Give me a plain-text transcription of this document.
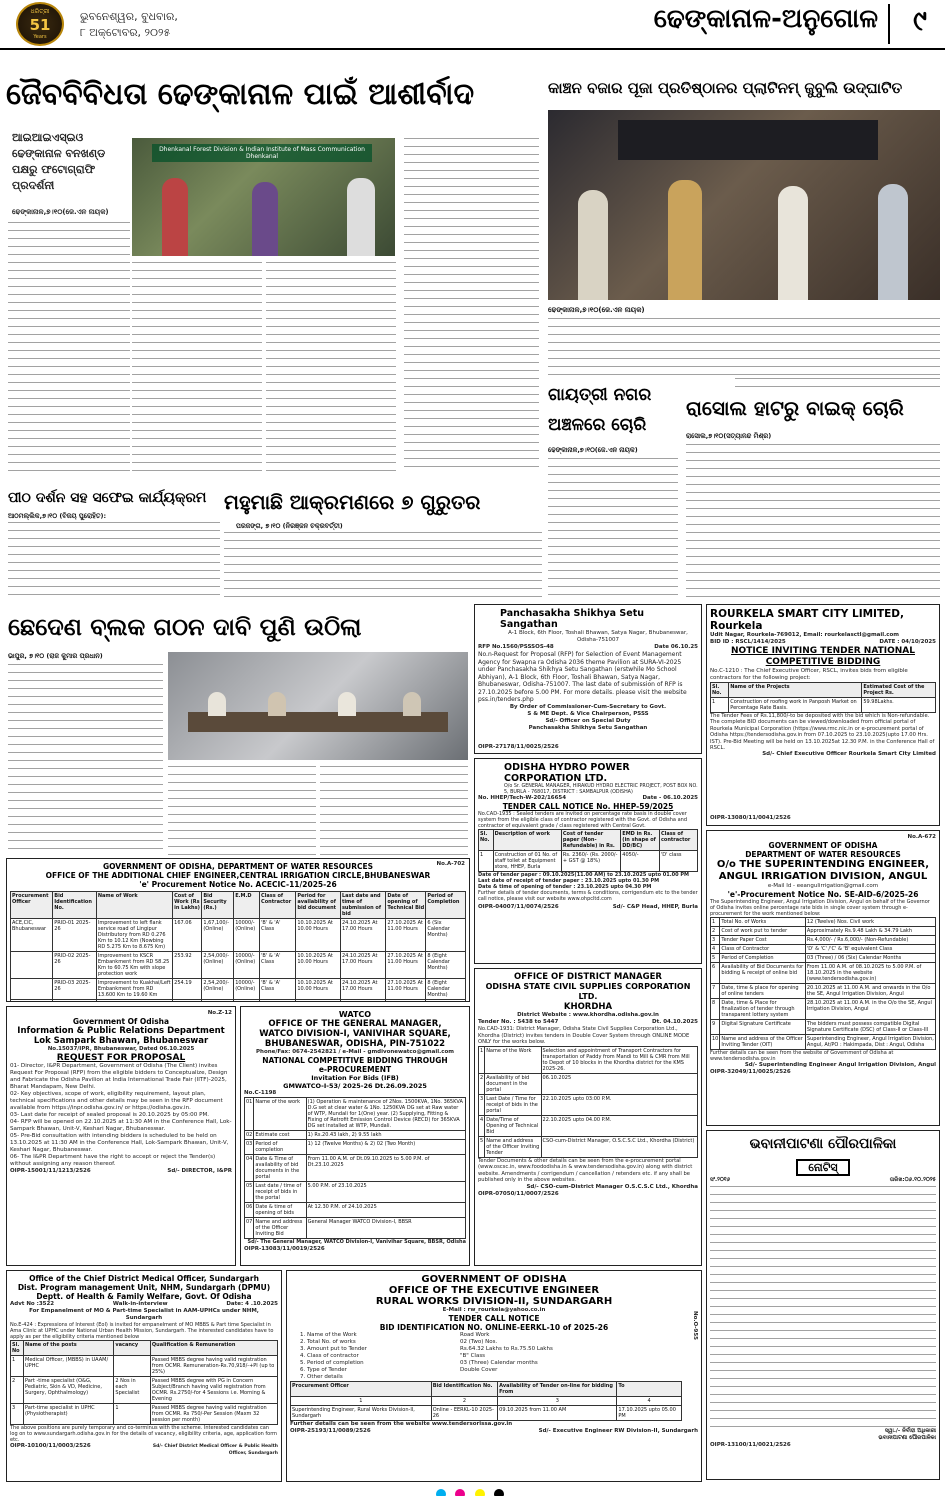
ଧରିତ୍ରୀ
51
Years
ଭୁବନେଶ୍ୱର, ବୁଧବାର,
୮ ଅକ୍ଟୋବର, ୨୦୨୫	ଢେଙ୍କାନାଳ-ଅନୁଗୋଳ	୯
ଜୈବବିବିଧତା ଢେଙ୍କାନାଳ ପାଇଁ ଆଶୀର୍ବାଦ
ଆଇଆଇଏସ୍‌ଇଓ ଢେଙ୍କାନାଳ ବନଖଣ୍ଡ ପକ୍ଷରୁ ଫଟୋଗ୍ରାଫି ପ୍ରଦର୍ଶନୀ
ଢେଙ୍କାନାଳ,୭।୧୦(ଜେ.ଏନ ନାୟକ)
Dhenkanal Forest Division & Indian Institute of Mass Communication Dhenkanal
କାଞ୍ଚନ ବଜାର ପୂଜା ପ୍ରତିଷ୍ଠାନର ପ୍ଲାଟିନମ୍ ଜୁବୁଲି ଉଦ୍‌ଘାଟିତ
ଢେଙ୍କାନାଳ,୭।୧୦(ଜେ.ଏନ ନାୟକ)
ଗାୟତ୍ରୀ ନଗର ଅଞ୍ଚଳରେ ଚୋରି
ଢେଙ୍କାନାଳ,୭।୧୦(ଜେ.ଏନ ନାୟକ)
ରାସୋଲ ହାଟରୁ ବାଇକ୍ ଚୋରି
ରାସୋଲ,୭।୧୦(ସତ୍ୟାନନ୍ଦ ମିଶ୍ର)
ପୀଠ ଦର୍ଶନ ସହ ସଫେଇ କାର୍ଯ୍ୟକ୍ରମ
ଆଠମଲ୍ଲିକ,୭।୧୦ (ବିଜୟ ପୁରୋହିତ):
ମହୁମାଛି ଆକ୍ରମଣରେ ୭ ଗୁରୁତର
ପରଜଙ୍ଗ, ୭।୧୦ (ନିରଞ୍ଜନ ଚକ୍ରବର୍ତ୍ତୀ)
ଛେଦେଣ ବ୍ଲକ ଗଠନ ଦାବି ପୁଣି ଉଠିଲା
ଭାପୁର, ୭।୧୦ (ରାଜ କୁମାର ପ୍ରଧାନ)
Panchasakha Shikhya Setu Sangathan
A-1 Block, 6th Floor, Toshali Bhawan, Satya Nagar, Bhubaneswar, Odisha-751007
RFP No.1560/PSSSOS-48	Date 06.10.25
No.n-Request for Proposal (RFP) for Selection of Event Management Agency for Swapna ra Odisha 2036 theme Pavilion at SURA-VI-2025 under Panchasakha Shikhya Setu Sangathan (erstwhile Mo School Abhiyan), A-1 Block, 6th Floor, Toshali Bhawan, Satya Nagar, Bhubaneswar, Odisha-751007. The last date of submission of RFP is 27.10.2025 before 5.00 PM. For more details. please visit the website pss.in/tenders.php
By Order of Commissioner-Cum-Secretary to Govt.
S & ME Dept. & Vice Chairperson, PSSS
Sd/- Officer on Special Duty
Panchasakha Shikhya Setu Sangathan
OIPR-27178/11/0025/2526
ROURKELA SMART CITY LIMITED, Rourkela
Udit Nagar, Rourkela-769012, Email: rourkelasctl@gmail.com
BID ID : RSCL/1414/2025	DATE : 04/10/2025
NOTICE INVITING TENDER NATIONAL COMPETITIVE BIDDING
No.C-1210 : The Chief Executive Officer, RSCL, invites bids from eligible contractors for the following project:
Sl. No.	Name of the Projects	Estimated Cost of the Project Rs.
1	Construction of roofing work in Panposh Market on Percentage Rate Basis.	59.98Lakhs.
The Tender Fees of Rs.11,800/-to be deposited with the bid which is Non-refundable. The complete BID documents can be viewed/downloaded from official portal of Rourkela Municipal Corporation (https://www.rmc.nic.in or e-procurement portal of Odisha https://tendersodisha.gov.in from 07.10.2025 to 23.10.2025(upto 17.00 Hrs. IST). Pre-Bid Meeting will be held on 13.10.2025at 12.30 P.M. in the Conference Hall of RSCL.
Sd/- Chief Executive Officer Rourkela Smart City Limited
OIPR-13080/11/0041/2526
ODISHA HYDRO POWER CORPORATION LTD.
O/o Sr. GENERAL MANAGER, HIRAKUD HYDRO ELECTRIC PROJECT, POST BOX NO. 5, BURLA - 768017, DISTRICT : SAMBALPUR (ODISHA)
No. HHEP/Tech-W-202/16654	Date - 06.10.2025
TENDER CALL NOTICE No. HHEP-59/2025
No.CAD-1935 : Sealed tenders are invited on percentage rate basis in double cover system from the eligible class of contractor registered with the Govt. of Odisha and contractor of equivalent grade / class registered with Central Govt.
Sl. No.	Description of work	Cost of tender paper (Non-Refundable) in Rs.	EMD in Rs. (in shape of DD/BC)	Class of contractor
1	Construction of 01 No. of staff toilet at Equipment store, HHEP, Burla	Rs. 2360/- (Rs. 2000/- + GST @ 18%)	4050/-	'D' class
Date of tender paper : 09.10.2025(11.00 AM) to 23.10.2025 upto 01.00 PM
Last date of receipt of tender paper : 23.10.2025 upto 01.30 PM
Date & time of opening of tender : 23.10.2025 upto 04.30 PM
Further details of tender documents, terms & conditions, corrigendum etc to the tender call notice, please visit our website www.ohpcltd.com
OIPR-04007/11/0074/2526	Sd/- C&P Head, HHEP, Burla
No.A-702
GOVERNMENT OF ODISHA, DEPARTMENT OF WATER RESOURCES
OFFICE OF THE ADDITIONAL CHIEF ENGINEER,CENTRAL IRRIGATION CIRCLE,BHUBANESWAR
'e' Procurement Notice No. ACECIC-11/2025-26
Procurement Officer	Bid Identification No.	Name of Work	Cost of Work (Rs in Lakhs)	Bid Security (Rs.)	E.M.D	Class of Contractor	Period for availability of bid document	Last date and time of submission of bid	Date of opening of Technical Bid	Period of Completion
ACE,CIC, Bhubaneswar	PRID-01 2025-26	Improvement to left flank service road of Lingipur Distributory from RD 0.276 Km to 10.12 Km (Nowbing RD 5.275 Km to 8.675 Km)	167.06	1,67,100/- (Online)	10000/- (Online)	'B' & 'A' Class	10.10.2025 At 10.00 Hours	24.10.2025 At 17.00 Hours	27.10.2025 At 11.00 Hours	6 (Six Calendar Months)
	PRID-02 2025-26	Improvement to KSCR Embankment from RD 58.25 Km to 60.75 Km with slope protection work	253.92	2,54,000/- (Online)	10000/- (Online)	'B' & 'A' Class	10.10.2025 At 10.00 Hours	24.10.2025 At 17.00 Hours	27.10.2025 At 11.00 Hours	8 (Eight Calendar Months)
	PRID-03 2025-26	Improvement to Kuakhai/Left Embankment from RD 13.600 Km to 19.60 Km	254.19	2,54,200/- (Online)	10000/- (Online)	'B' & 'A' Class	10.10.2025 At 10.00 Hours	24.10.2025 At 17.00 Hours	27.10.2025 At 11.00 Hours	8 (Eight Calendar Months)

No.A-672
GOVERNMENT OF ODISHA
DEPARTMENT OF WATER RESOURCES
O/o THE SUPERINTENDING ENGINEER, ANGUL IRRIGATION DIVISION, ANGUL
e-Mail Id - eeangulirrigation@gmail.com
'e'-Procurement Notice No. SE-AID-6/2025-26
The Superintending Engineer, Angul Irrigation Division, Angul on behalf of the Governor of Odisha invites online percentage rate bids in single cover system through e-procurement for the work mentioned below:
1	Total No. of Works	12 (Twelve) Nos. Civil work
2	Cost of work put to tender	Approximately Rs.9.48 Lakh & 34.79 Lakh
3	Tender Paper Cost	Rs.4,000/- / Rs.6,000/- (Non-Refundable)
4	Class of Contractor	'D' & 'C' /'C' & 'B' equivalent Class
5	Period of Completion	03 (Three) / 06 (Six) Calendar Months
6	Availability of Bid Documents for bidding & receipt of online bid	From 11.00 A.M. of 08.10.2025 to 5.00 P.M. of 18.10.2025 in the website (www.tendersodisha.gov.in)
7	Date, time & place for opening of online tenders	20.10.2025 at 11.00 A.M. and onwards in the O/o the SE, Angul Irrigation Division, Angul
8	Date, time & Place for finalization of tender through transparent lottery system	28.10.2025 at 11.00 A.M. in the O/o the SE, Angul Irrigation Division, Angul
9	Digital Signature Certificate	The bidders must possess compatible Digital Signature Certificate (DSC) of Class-II or Class-III
10	Name and address of the Officer Inviting Tender (OIT)	Superintending Engineer, Angul Irrigation Division, Angul, At/PO : Hakimpada, Dist : Angul, Odisha
Further details can be seen from the website of Government of Odisha at www.tendersodisha.gov.in
Sd/- Superintending Engineer Angul Irrigation Division, Angul
OIPR-32049/11/0025/2526
No.Z-12
Government Of Odisha
Information & Public Relations Department
Lok Sampark Bhawan, Bhubaneswar
No.15037/IPR, Bhubaneswar, Dated 06.10.2025
REQUEST FOR PROPOSAL
01- Director, I&PR Department, Government of Odisha (The Client) invites Request For Proposal (RFP) from the eligible bidders to Conceptualize, Design and Fabricate the Odisha Pavilion at India International Trade Fair (IITF)-2025, Bharat Mandapam, New Delhi.
02- Key objectives, scope of work, eligibility requirement, layout plan, technical specifications and other details may be seen in the RFP document available from https://inpr.odisha.gov.in/ or https://odisha.gov.in.
03- Last date for receipt of sealed proposal is 20.10.2025 by 05:00 PM.
04- RFP will be opened on 22.10.2025 at 11:30 AM in the Conference Hall, Lok-Sampark Bhawan, Unit-V, Keshari Nagar, Bhubaneswar.
05- Pre-Bid consultation with intending bidders is scheduled to be held on 13.10.2025 at 11:30 AM in the Conference Hall, Lok-Sampark Bhawan, Unit-V, Keshari Nagar, Bhubaneswar.
06- The I&PR Department have the right to accept or reject the Tender(s) without assigning any reason thereof.
OIPR-15001/11/1213/2526	Sd/- DIRECTOR, I&PR
WATCO
OFFICE OF THE GENERAL MANAGER,
WATCO DIVISION-I, VANIVIHAR SQUARE,
BHUBANESWAR, ODISHA, PIN-751022
Phone/Fax: 0674-2542821 / e-Mail - gmdivonewatco@gmail.com
NATIONAL COMPETITIVE BIDDING THROUGH
e-PROCUREMENT
Invitation For Bids (IFB)
GMWATCO-I-53/ 2025-26 Dt.26.09.2025
No.C-1198
01	Name of the work	(1) Operation & maintenance of 2Nos. 1500KVA, 1No. 365KVA D.G set at clear water & 1No. 1250KVA DG set at Raw water of WTP, Mundali for 1(One) year. (2) Supplying, Fitting & Fixing of Retrofit Emission Control Device (RECD) for 365KVA DG set installed at WTP, Mundali.
02	Estimate cost	1) Rs.20.43 lakh, 2) 9.55 lakh
03	Period of completion	1) 12 (Twelve Months) & 2) 02 (Two Month)
04	Date & Time of availability of bid documents in the portal	From 11.00 A.M. of Dt.09.10.2025 to 5.00 P.M. of Dt.23.10.2025
05	Last date / time of receipt of bids in the portal	5.00 P.M. of 23.10.2025
06	Date & time of opening of bids	At 12.30 P.M. of 24.10.2025
07	Name and address of the Officer Inviting Bid	General Manager WATCO Division-I, BBSR
Sd/- The General Manager, WATCO Division-I, Vanivihar Square, BBSR, Odisha
OIPR-13083/11/0019/2526
OFFICE OF DISTRICT MANAGER
ODISHA STATE CIVIL SUPPLIES CORPORATION LTD.
KHORDHA
District Website : www.khordha.odisha.gov.in
Tender No. : 5438 to 5447	Dt. 04.10.2025
No.CAD-1931: District Manager, Odisha State Civil Supplies Corporation Ltd., Khordha (District) invites tenders in Double Cover System through ONLINE MODE ONLY for the works below.
1	Name of the Work	Selection and appointment of Transport Contractors for transportation of Paddy from Mandi to Mill & CMR from Mill to Depot of 10 blocks in the Khordha district for the KMS 2025-26.
2	Availability of bid document in the portal	06.10.2025
3	Last Date / Time for receipt of bids in the portal	22.10.2025 upto 03:00 P.M.
4	Date/Time of Opening of Technical Bid	22.10.2025 upto 04.00 P.M.
5	Name and address of the Officer Inviting Tender	CSO-cum-District Manager, O.S.C.S.C Ltd., Khordha (District)
Tender Documents & other details can be seen from the e-procurement portal (www.oscsc.in, www.foododisha.in & www.tendersodisha.gov.in) along with district website. Amendments / corrigendum / cancellation / retenders etc. if any shall be published only in the above websites.
Sd/- CSO-cum-District Manager O.S.C.S.C Ltd., Khordha
OIPR-07050/11/0007/2526
ଭବାନୀପାଟଣା ପୌରପାଳିକା
ନୋଟିସ୍
ସଂ.୨୦୧୬	ତାରିଖ:୦୬.୧୦.୨୦୨୫
ସ୍ୱା./- ନିର୍ବାହୀ ଅଧିକାରୀ
ଭବାନୀପାଟଣା ପୌରପାଳିକା
OIPR-13100/11/0021/2526
Office of the Chief District Medical Officer, Sundargarh
Dist. Program management Unit, NHM, Sundargarh (DPMU)
Deptt. of Health & Family Welfare, Govt. Of Odisha
Advt No :3522	Walk-in-interview	Date: 4 .10.2025
For Empanelment of MO & Part-time Specialist in AAM-UPHCs under NHM, Sundargarh
No.E-424 : Expressions of Interest (EoI) is invited for empanelment of MO MBBS & Part time Specialist in Ama Clinic at UPHC under National Urban Health Mission, Sundargarh. The interested candidates have to apply as per the eligibility criteria mentioned below
Sl. No	Name of the posts	vacancy	Qualification & Remuneration
1	Medical Officer, (MBBS) in UAAM/ UPHC		Passed MBBS degree having valid registration from OCMR. Remuneration-Rs.70,918/-+PI (up to 25%)
2	Part -time specialist (O&G, Pediatric, Skin & VD, Medicine, Surgery, Ophthalmology)	2 Nos in each Specialist	Passed MBBS degree with PG in Concern Subject/Branch having valid registration from OCMR. Rs.2750/-for 4 Sessions i.e. Morning & Evening
3	Part-time specialist in UPHC (Physiotherapist)	1	Passed MBBS degree having valid registration from OCMR. Rs 750/-Per Session (Maxm 32 session per month)
The above positions are purely temporary and co-terminus with the scheme. Interested candidates can log on to www.sundargarh.odisha.gov.in for the details of vacancy, eligibility criteria, age, application form etc.
OIPR-10100/11/0003/2526	Sd/- Chief District Medical Officer & Public Health Officer, Sundargarh
No.O-955
GOVERNMENT OF ODISHA
OFFICE OF THE EXECUTIVE ENGINEER
RURAL WORKS DIVISION-II, SUNDARGARH
E-Mail : rw_rourkela@yahoo.co.in
TENDER CALL NOTICE
BID IDENTIFICATION NO. ONLINE-EERKL-10 of 2025-26
1. Name of the Work	Road Work
2. Total No. of works	02 (Two) Nos.
3. Amount put to Tender	Rs.64.32 Lakhs to Rs.75.50 Lakhs
4. Class of contractor	"B" Class
5. Period of completion	03 (Three) Calendar months
6. Type of Tender	Double Cover
7. Other details
Procurement Officer	Bid Identification No.	Availability of Tender on-line for bidding From	To
1	2	3	4
Superintending Engineer, Rural Works Division-II, Sundargarh	Online - EERKL-10 2025-26	09.10.2025 from 11.00 AM	17.10.2025 upto 05.00 PM
Further details can be seen from the website www.tendersorissa.gov.in
OIPR-25193/11/0089/2526	Sd/- Executive Engineer RW Division-II, Sundargarh
